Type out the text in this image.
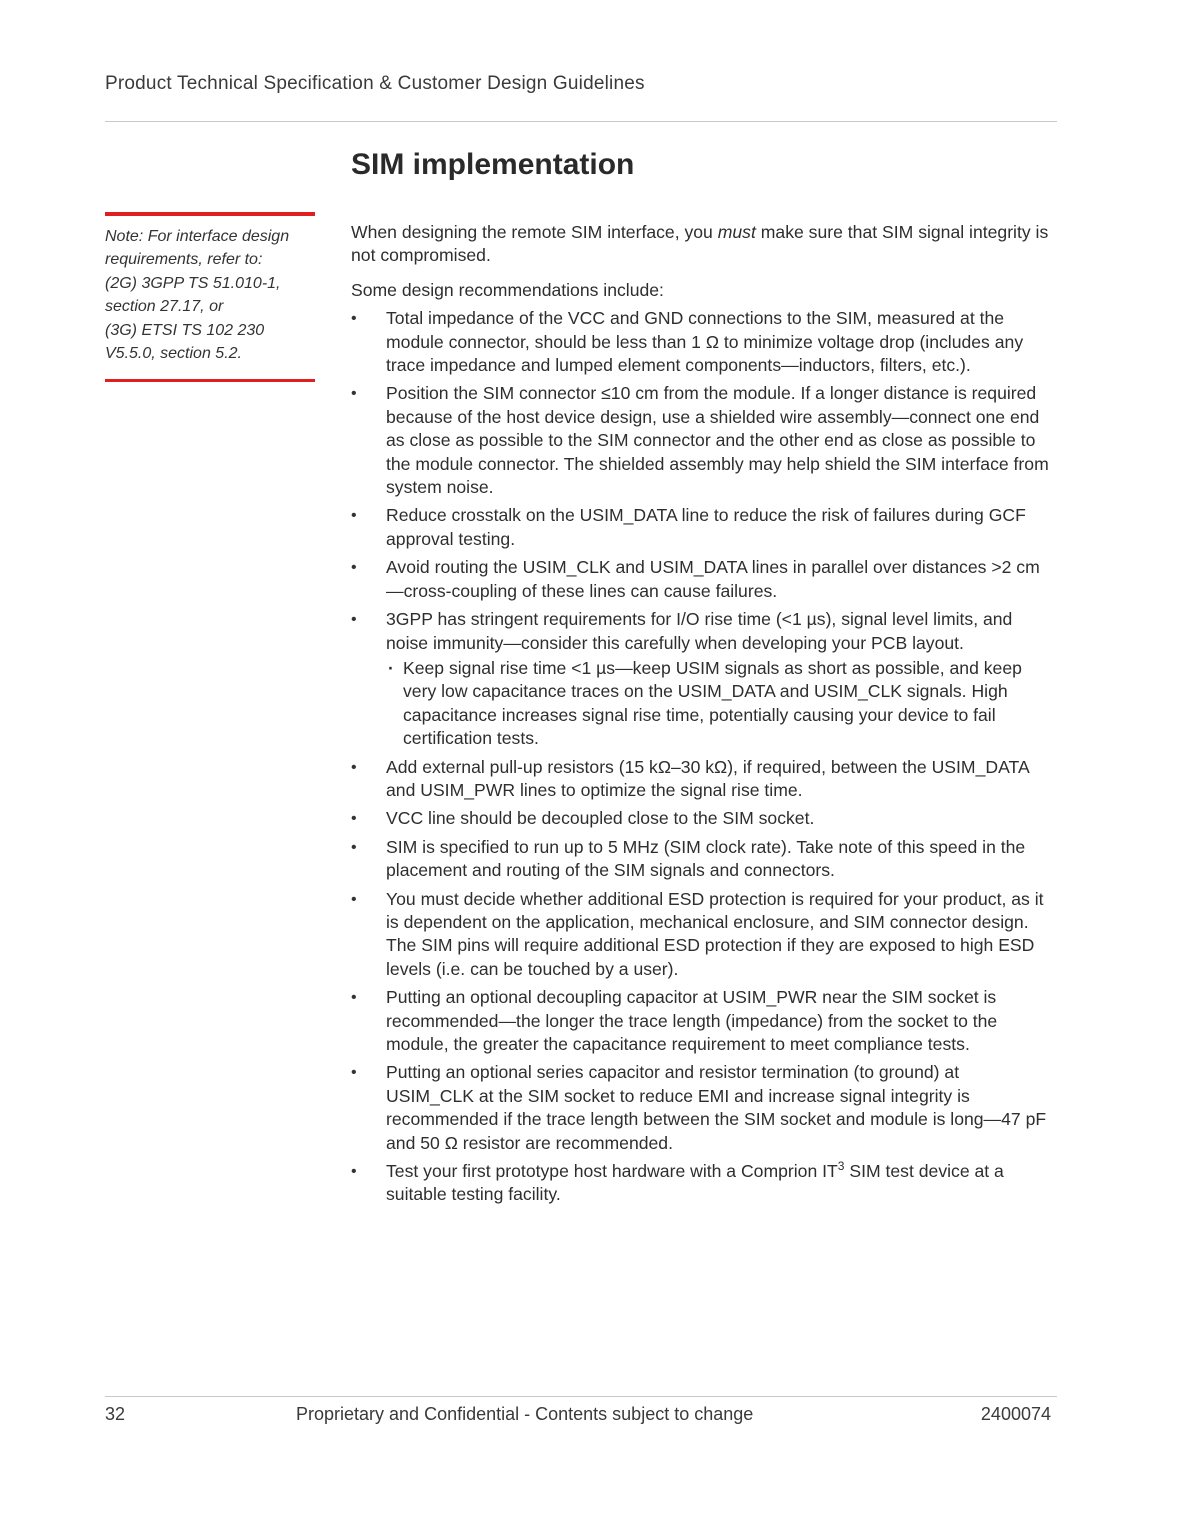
Product Technical Specification & Customer Design Guidelines
SIM implementation
Note: For interface design
requirements, refer to:
(2G) 3GPP TS 51.010-1,
section 27.17, or
(3G) ETSI TS 102 230
V5.5.0, section 5.2.

When designing the remote SIM interface, you must make sure that SIM signal integrity is not compromised.

Some design recommendations include:

• Total impedance of the VCC and GND connections to the SIM, measured at the module connector, should be less than 1 Ω to minimize voltage drop (includes any trace impedance and lumped element components—inductors, filters, etc.).
• Position the SIM connector ≤10 cm from the module. If a longer distance is required because of the host device design, use a shielded wire assembly—connect one end as close as possible to the SIM connector and the other end as close as possible to the module connector. The shielded assembly may help shield the SIM interface from system noise.
• Reduce crosstalk on the USIM_DATA line to reduce the risk of failures during GCF approval testing.
• Avoid routing the USIM_CLK and USIM_DATA lines in parallel over distances >2 cm—cross-coupling of these lines can cause failures.
• 3GPP has stringent requirements for I/O rise time (<1 µs), signal level limits, and noise immunity—consider this carefully when developing your PCB layout.
· Keep signal rise time <1 µs—keep USIM signals as short as possible, and keep very low capacitance traces on the USIM_DATA and USIM_CLK signals. High capacitance increases signal rise time, potentially causing your device to fail certification tests.
• Add external pull-up resistors (15 kΩ–30 kΩ), if required, between the USIM_DATA and USIM_PWR lines to optimize the signal rise time.
• VCC line should be decoupled close to the SIM socket.
• SIM is specified to run up to 5 MHz (SIM clock rate). Take note of this speed in the placement and routing of the SIM signals and connectors.
• You must decide whether additional ESD protection is required for your product, as it is dependent on the application, mechanical enclosure, and SIM connector design. The SIM pins will require additional ESD protection if they are exposed to high ESD levels (i.e. can be touched by a user).
• Putting an optional decoupling capacitor at USIM_PWR near the SIM socket is recommended—the longer the trace length (impedance) from the socket to the module, the greater the capacitance requirement to meet compliance tests.
• Putting an optional series capacitor and resistor termination (to ground) at USIM_CLK at the SIM socket to reduce EMI and increase signal integrity is recommended if the trace length between the SIM socket and module is long—47 pF and 50 Ω resistor are recommended.
• Test your first prototype host hardware with a Comprion $IT^3$ SIM test device at a suitable testing facility.
32	Proprietary and Confidential - Contents subject to change	2400074
